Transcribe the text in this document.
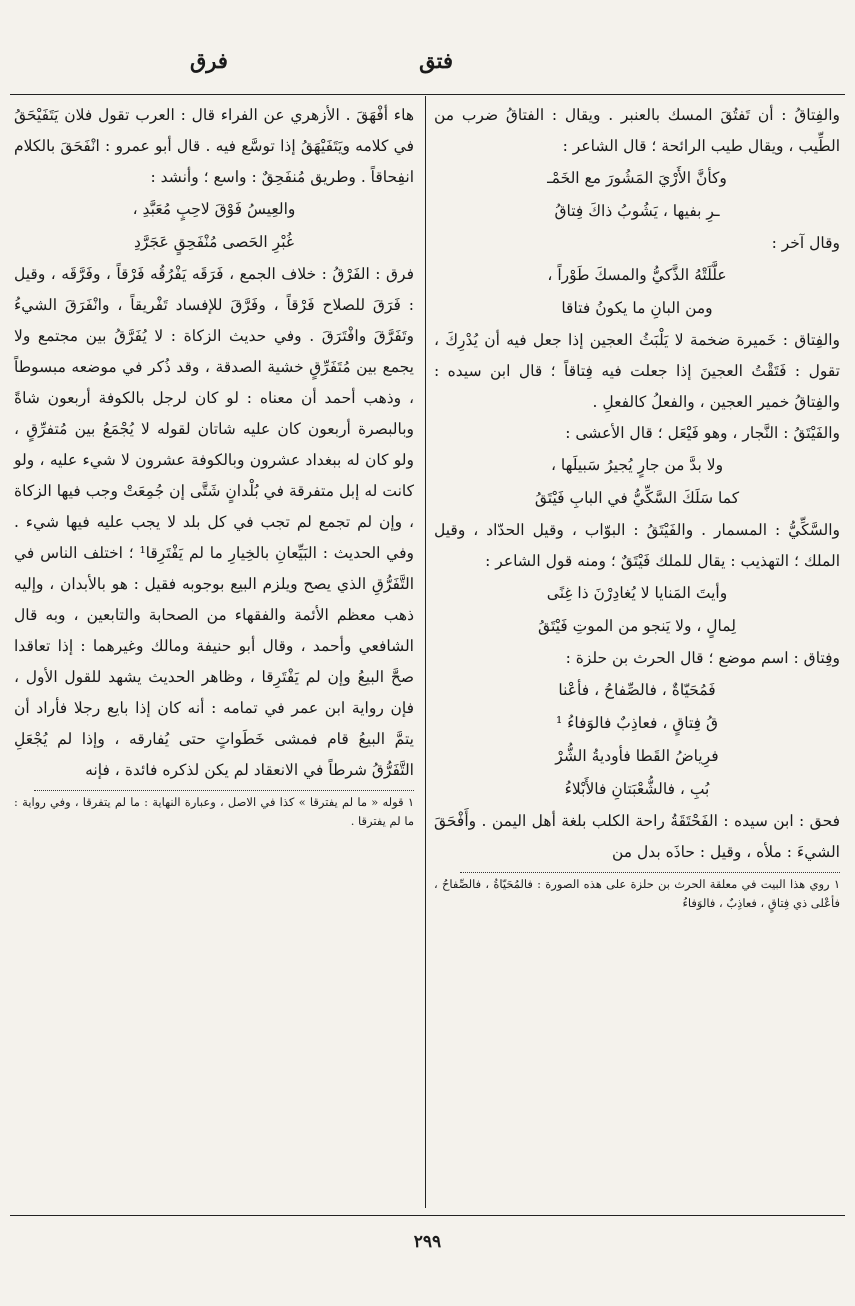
فتق
فرق

والفِتاقُ : أن تَفتُقَ المسك بالعنبر . ويقال : الفتاقُ ضرب من الطِّيب ، ويقال طيب الرائحة ؛ قال الشاعر :

وكأنَّ الأَرْيَ المَشُورَ مع الخَمْـ

ـرِ بفيها ، يَشُوبُ ذاكَ فِتاقُ

وقال آخر :

علَّلَتْهُ الذَّكيُّ والمسكَ طَوْراً ،

ومن البانِ ما يكونُ فتاقا

والفِتاق : خَميرة ضخمة لا يَلْبَثُ العجين إذا جعل فيه أن يُدْرِكَ ، تقول : فَتَقْتُ العجينَ إذا جعلت فيه فِتاقاً ؛ قال ابن سيده : والفِتاقُ خمير العجين ، والفعلُ كالفعلِ .

والفَيْتَقُ : النَّجار ، وهو فَيْعَل ؛ قال الأعشى :

ولا بدَّ من جارٍ يُجيرُ سَبيلَها ،

كما سَلَكَ السَّكِّيُّ في البابِ فَيْتَقُ

والسَّكِّيُّ : المسمار . والفَيْتَقُ : البوّاب ، وقيل الحدّاد ، وقيل الملك ؛ التهذيب : يقال للملك فَيْتَقٌ ؛ ومنه قول الشاعر :

وأيتَ المَنايا لا يُغادِرْنَ ذا غِنًى

لِمالٍ ، ولا يَنجو من الموتِ فَيْتَقُ

وفِتاق : اسم موضع ؛ قال الحرث بن حلزة :

فَمُحَيّاةٌ ، فالصِّفاحُ ، فأعْنا

قُ فِتاقٍ ، فعاذِبٌ فالوَفاءُ ¹

فرِياضُ القَطا فأوديةُ الشُّرْ

بُبِ ، فالشُّعْبَتانِ فالأَبْلاءُ

فحق : ابن سيده : الفَحْتَقَةُ راحة الكلب بلغة أهل اليمن . وأَفْحَقَ الشيءَ : ملأه ، وقيل : حاذَه بدل من

١ روي هذا البيت في معلقة الحرث بن حلزة على هذه الصورة : فالمُحَيّاةُ ، فالصِّفاحُ ، فأعْلى ذي فِتاقٍ ، فعاذِبٌ ، فالوَفاءُ

هاء أفْهَقَ . الأزهري عن الفراء قال : العرب تقول فلان يَتَفَيْحَقُ في كلامه ويَتَفَيْهَقُ إذا توسَّع فيه . قال أبو عمرو : انْفَحَقَ بالكلام انفِحاقاً . وطريق مُنفَحِقٌ : واسع ؛ وأنشد :

والعِيسُ فَوْقَ لاحِبٍ مُعَبَّدِ ،

غُبْرِ الحَصى مُنْفَحِقٍ عَجَرَّدِ

فرق : الفَرْقُ : خلاف الجمع ، فَرَقَه يَفْرُقُه فَرْقاً ، وفَرَّقَه ، وقيل : فَرَقَ للصلاح فَرْقاً ، وفَرَّقَ للإفساد تَفْريقاً ، وانْفَرَقَ الشيءُ وتَفَرَّقَ وافْتَرَقَ . وفي حديث الزكاة : لا يُفَرَّقُ بين مجتمع ولا يجمع بين مُتَفَرِّقٍ خشية الصدقة ، وقد ذُكر في موضعه مبسوطاً ، وذهب أحمد أن معناه : لو كان لرجل بالكوفة أربعون شاةً وبالبصرة أربعون كان عليه شاتان لقوله لا يُجْمَعُ بين مُتفرِّقٍ ، ولو كان له ببغداد عشرون وبالكوفة عشرون لا شيء عليه ، ولو كانت له إبل متفرقة في بُلْدانٍ شَتَّى إن جُمِعَتْ وجب فيها الزكاة ، وإن لم تجمع لم تجب في كل بلد لا يجب عليه فيها شيء . وفي الحديث : البَيِّعانِ بالخِيارِ ما لم يَفْتَرِقا¹ ؛ اختلف الناس في التَّفَرُّقِ الذي يصح ويلزم البيع بوجوبه فقيل : هو بالأبدان ، وإليه ذهب معظم الأئمة والفقهاء من الصحابة والتابعين ، وبه قال الشافعي وأحمد ، وقال أبو حنيفة ومالك وغيرهما : إذا تعاقدا صحَّ البيعُ وإن لم يَفْتَرِقا ، وظاهر الحديث يشهد للقول الأول ، فإن رواية ابن عمر في تمامه : أنه كان إذا بايع رجلا فأراد أن يتمَّ البيعُ قام فمشى خَطَواتٍ حتى يُفارقه ، وإذا لم يُجْعَلِ التَّفَرُّقُ شرطاً في الانعقاد لم يكن لذكره فائدة ، فإنه

١ قوله « ما لم يفترقا » كذا في الاصل ، وعبارة النهاية : ما لم يتفرقا ، وفي رواية : ما لم يفترقا .

٢٩٩
